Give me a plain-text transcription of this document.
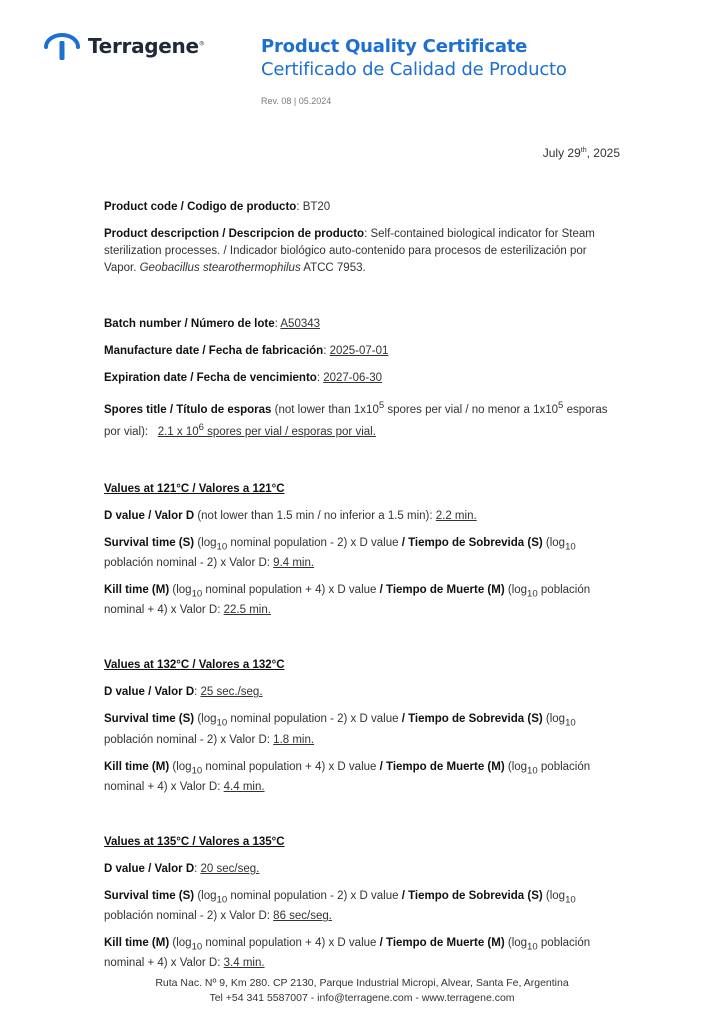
Terragene®	Product Quality Certificate
Certificado de Calidad de Producto
Rev. 08 | 05.2024
July 29th, 2025

Product code / Codigo de producto: BT20

Product descripction / Descripcion de producto: Self-contained biological indicator for Steam sterilization processes. / Indicador biológico auto-contenido para procesos de esterilización por Vapor. Geobacillus stearothermophilus ATCC 7953.

Batch number / Número de lote: A50343

Manufacture date / Fecha de fabricación: 2025-07-01

Expiration date / Fecha de vencimiento: 2027-06-30

Spores title / Título de esporas (not lower than $1x10^5$ spores per vial / no menor a $1x10^5$ esporas por vial): 2.1 x $10^6$ spores per vial / esporas por vial.

Values at 121°C / Valores a 121°C

D value / Valor D (not lower than 1.5 min / no inferior a 1.5 min): 2.2 min.

Survival time (S) ($\log_{10}$ nominal population - 2) x D value / Tiempo de Sobrevida (S) ($\log_{10}$ población nominal - 2) x Valor D: 9.4 min.

Kill time (M) ($\log_{10}$ nominal population + 4) x D value / Tiempo de Muerte (M) ($\log_{10}$ población nominal + 4) x Valor D: 22.5 min.

Values at 132°C / Valores a 132°C

D value / Valor D: 25 sec./seg.

Survival time (S) ($\log_{10}$ nominal population - 2) x D value / Tiempo de Sobrevida (S) ($\log_{10}$ población nominal - 2) x Valor D: 1.8 min.

Kill time (M) ($\log_{10}$ nominal population + 4) x D value / Tiempo de Muerte (M) ($\log_{10}$ población nominal + 4) x Valor D: 4.4 min.

Values at 135°C / Valores a 135°C

D value / Valor D: 20 sec/seg.

Survival time (S) ($\log_{10}$ nominal population - 2) x D value / Tiempo de Sobrevida (S) ($\log_{10}$ población nominal - 2) x Valor D: 86 sec/seg.

Kill time (M) ($\log_{10}$ nominal population + 4) x D value / Tiempo de Muerte (M) ($\log_{10}$ población nominal + 4) x Valor D: 3.4 min.

Ruta Nac. Nº 9, Km 280. CP 2130, Parque Industrial Micropi, Alvear, Santa Fe, Argentina
Tel +54 341 5587007 - info@terragene.com - www.terragene.com
